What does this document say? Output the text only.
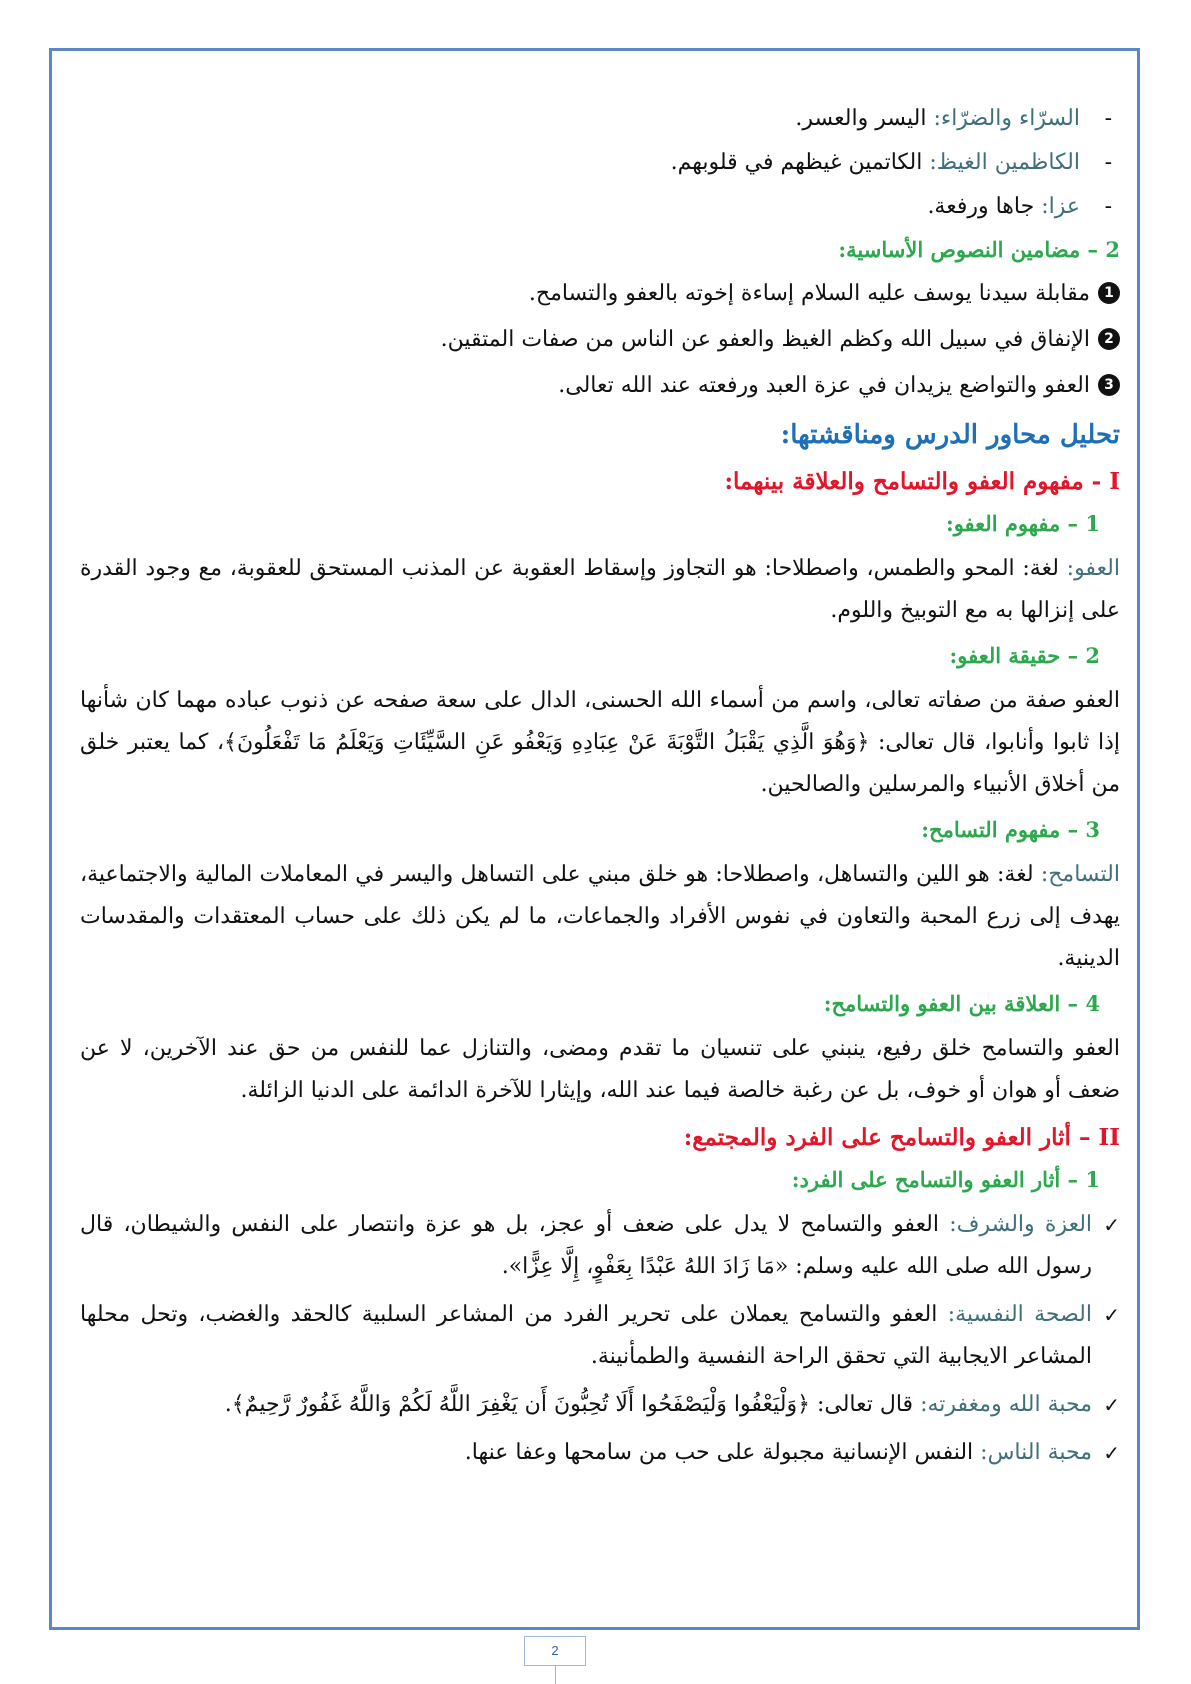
-
السرّاء والضرّاء: اليسر والعسر.
-
الكاظمين الغيظ: الكاتمين غيظهم في قلوبهم.
-
عزا: جاها ورفعة.
2 – مضامين النصوص الأساسية:
1
مقابلة سيدنا يوسف عليه السلام إساءة إخوته بالعفو والتسامح.
2
الإنفاق في سبيل الله وكظم الغيظ والعفو عن الناس من صفات المتقين.
3
العفو والتواضع يزيدان في عزة العبد ورفعته عند الله تعالى.
تحليل محاور الدرس ومناقشتها:
I - مفهوم العفو والتسامح والعلاقة بينهما:
1 – مفهوم العفو:

العفو: لغة: المحو والطمس، واصطلاحا: هو التجاوز وإسقاط العقوبة عن المذنب المستحق للعقوبة، مع وجود القدرة على إنزالها به مع التوبيخ واللوم.

2 – حقيقة العفو:

العفو صفة من صفاته تعالى، واسم من أسماء الله الحسنى، الدال على سعة صفحه عن ذنوب عباده مهما كان شأنها إذا ثابوا وأنابوا، قال تعالى: ﴿وَهُوَ الَّذِي يَقْبَلُ التَّوْبَةَ عَنْ عِبَادِهِ وَيَعْفُو عَنِ السَّيِّئَاتِ وَيَعْلَمُ مَا تَفْعَلُونَ﴾، كما يعتبر خلق من أخلاق الأنبياء والمرسلين والصالحين.

3 – مفهوم التسامح:

التسامح: لغة: هو اللين والتساهل، واصطلاحا: هو خلق مبني على التساهل واليسر في المعاملات المالية والاجتماعية، يهدف إلى زرع المحبة والتعاون في نفوس الأفراد والجماعات، ما لم يكن ذلك على حساب المعتقدات والمقدسات الدينية.

4 – العلاقة بين العفو والتسامح:

العفو والتسامح خلق رفيع، ينبني على تنسيان ما تقدم ومضى، والتنازل عما للنفس من حق عند الآخرين، لا عن ضعف أو هوان أو خوف، بل عن رغبة خالصة فيما عند الله، وإيثارا للآخرة الدائمة على الدنيا الزائلة.

II – أثار العفو والتسامح على الفرد والمجتمع:
1 – أثار العفو والتسامح على الفرد:
✓
العزة والشرف: العفو والتسامح لا يدل على ضعف أو عجز، بل هو عزة وانتصار على النفس والشيطان، قال رسول الله صلى الله عليه وسلم: «مَا زَادَ اللهُ عَبْدًا بِعَفْوٍ، إِلَّا عِزًّا».
✓
الصحة النفسية: العفو والتسامح يعملان على تحرير الفرد من المشاعر السلبية كالحقد والغضب، وتحل محلها المشاعر الايجابية التي تحقق الراحة النفسية والطمأنينة.
✓
محبة الله ومغفرته: قال تعالى: ﴿وَلْيَعْفُوا وَلْيَصْفَحُوا أَلَا تُحِبُّونَ أَن يَغْفِرَ اللَّهُ لَكُمْ وَاللَّهُ غَفُورٌ رَّحِيمٌ﴾.
✓
محبة الناس: النفس الإنسانية مجبولة على حب من سامحها وعفا عنها.
2
